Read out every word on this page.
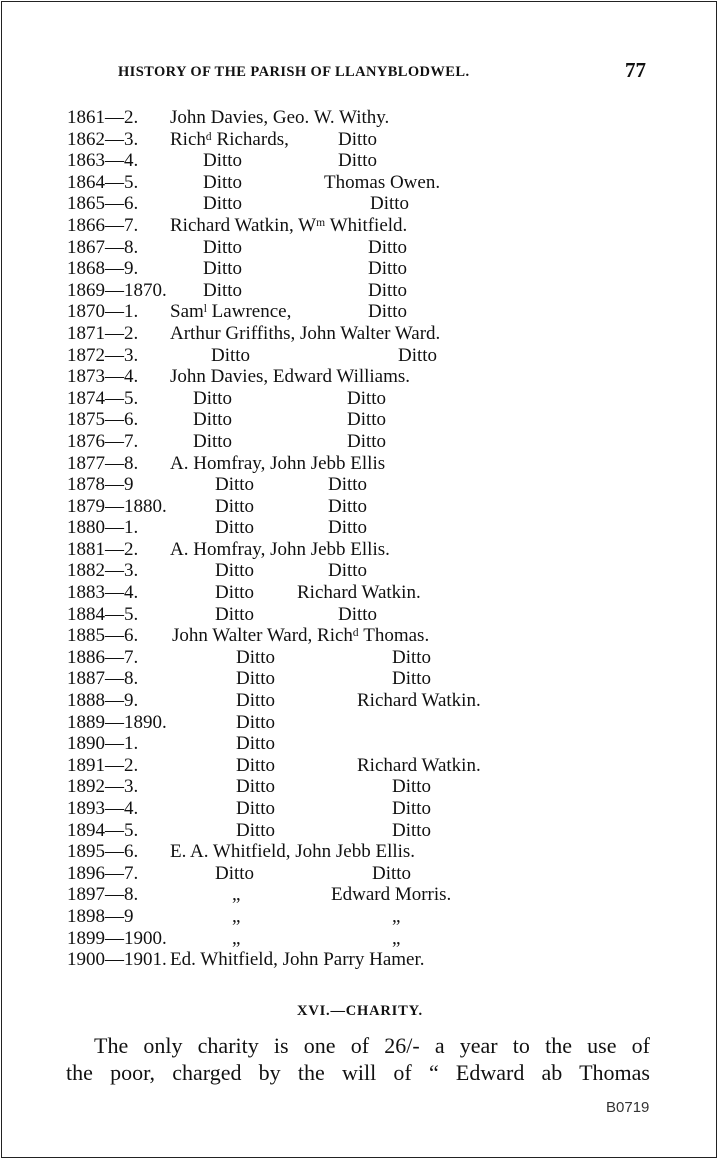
HISTORY OF THE PARISH OF LLANYBLODWEL.	77
1861—2. John Davies, Geo. W. Withy.
1862—3. Richᵈ Richards,	Ditto
1863—4.	Ditto	Ditto
1864—5.	Ditto	Thomas Owen.
1865—6.	Ditto	Ditto
1866—7. Richard Watkin, Wᵐ Whitfield.
1867—8.	Ditto	Ditto
1868—9.	Ditto	Ditto
1869—1870. Ditto	Ditto
1870—1. Samˡ Lawrence,	Ditto
1871—2. Arthur Griffiths, John Walter Ward.
1872—3.	Ditto	Ditto
1873—4. John Davies, Edward Williams.
1874—5.	Ditto	Ditto
1875—6.	Ditto	Ditto
1876—7.	Ditto	Ditto
1877—8. A. Homfray, John Jebb Ellis
1878—9	Ditto	Ditto
1879—1880.	Ditto	Ditto
1880—1.	Ditto	Ditto
1881—2. A. Homfray, John Jebb Ellis.
1882—3.	Ditto	Ditto
1883—4.	Ditto Richard Watkin.
1884—5.	Ditto	Ditto
1885—6. John Walter Ward, Richᵈ Thomas.
1886—7.	Ditto	Ditto
1887—8.	Ditto	Ditto
1888—9.	Ditto	Richard Watkin.
1889—1890.	Ditto
1890—1.	Ditto
1891—2.	Ditto	Richard Watkin.
1892—3.	Ditto	Ditto
1893—4.	Ditto	Ditto
1894—5.	Ditto	Ditto
1895—6. E. A. Whitfield, John Jebb Ellis.
1896—7.	Ditto	Ditto
1897—8.	„	Edward Morris.
1898—9	„	„
1899—1900.	„	„
1900—1901. Ed. Whitfield, John Parry Hamer.
XVI.—CHARITY.
The only charity is one of 26/- a year to the use of
the poor, charged by the will of “ Edward ab Thomas
B0719
